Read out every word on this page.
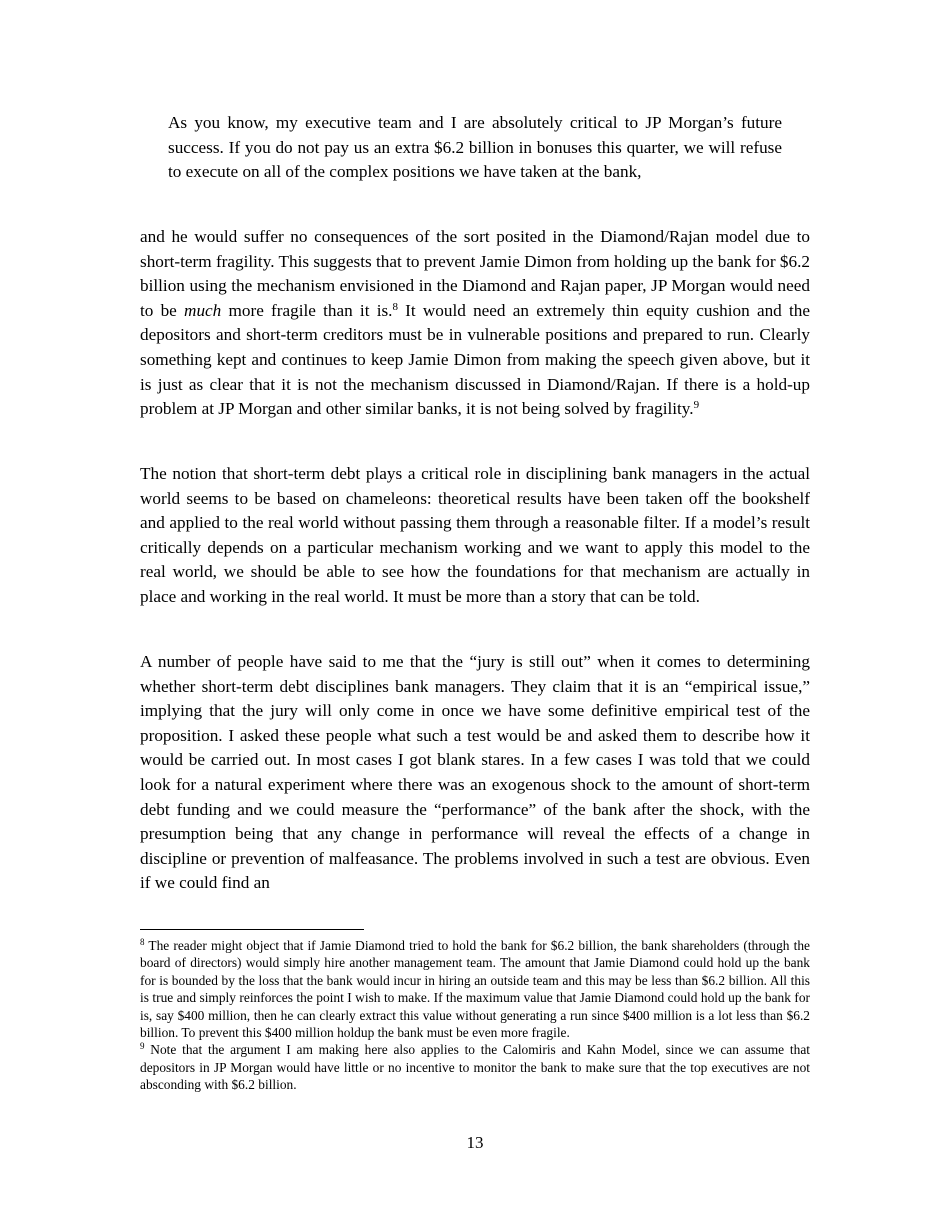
As you know, my executive team and I are absolutely critical to JP Morgan’s future success. If you do not pay us an extra $6.2 billion in bonuses this quarter, we will refuse to execute on all of the complex positions we have taken at the bank,

and he would suffer no consequences of the sort posited in the Diamond/Rajan model due to short-term fragility. This suggests that to prevent Jamie Dimon from holding up the bank for $6.2 billion using the mechanism envisioned in the Diamond and Rajan paper, JP Morgan would need to be much more fragile than it is.$^8$ It would need an extremely thin equity cushion and the depositors and short-term creditors must be in vulnerable positions and prepared to run. Clearly something kept and continues to keep Jamie Dimon from making the speech given above, but it is just as clear that it is not the mechanism discussed in Diamond/Rajan. If there is a hold-up problem at JP Morgan and other similar banks, it is not being solved by fragility.$^9$

The notion that short-term debt plays a critical role in disciplining bank managers in the actual world seems to be based on chameleons: theoretical results have been taken off the bookshelf and applied to the real world without passing them through a reasonable filter. If a model’s result critically depends on a particular mechanism working and we want to apply this model to the real world, we should be able to see how the foundations for that mechanism are actually in place and working in the real world. It must be more than a story that can be told.

A number of people have said to me that the “jury is still out” when it comes to determining whether short-term debt disciplines bank managers. They claim that it is an “empirical issue,” implying that the jury will only come in once we have some definitive empirical test of the proposition. I asked these people what such a test would be and asked them to describe how it would be carried out. In most cases I got blank stares. In a few cases I was told that we could look for a natural experiment where there was an exogenous shock to the amount of short-term debt funding and we could measure the “performance” of the bank after the shock, with the presumption being that any change in performance will reveal the effects of a change in discipline or prevention of malfeasance. The problems involved in such a test are obvious. Even if we could find an

$^8$ The reader might object that if Jamie Diamond tried to hold the bank for $6.2 billion, the bank shareholders (through the board of directors) would simply hire another management team. The amount that Jamie Diamond could hold up the bank for is bounded by the loss that the bank would incur in hiring an outside team and this may be less than $6.2 billion. All this is true and simply reinforces the point I wish to make. If the maximum value that Jamie Diamond could hold up the bank for is, say $400 million, then he can clearly extract this value without generating a run since $400 million is a lot less than $6.2 billion. To prevent this $400 million holdup the bank must be even more fragile.

$^9$ Note that the argument I am making here also applies to the Calomiris and Kahn Model, since we can assume that depositors in JP Morgan would have little or no incentive to monitor the bank to make sure that the top executives are not absconding with $6.2 billion.

13
